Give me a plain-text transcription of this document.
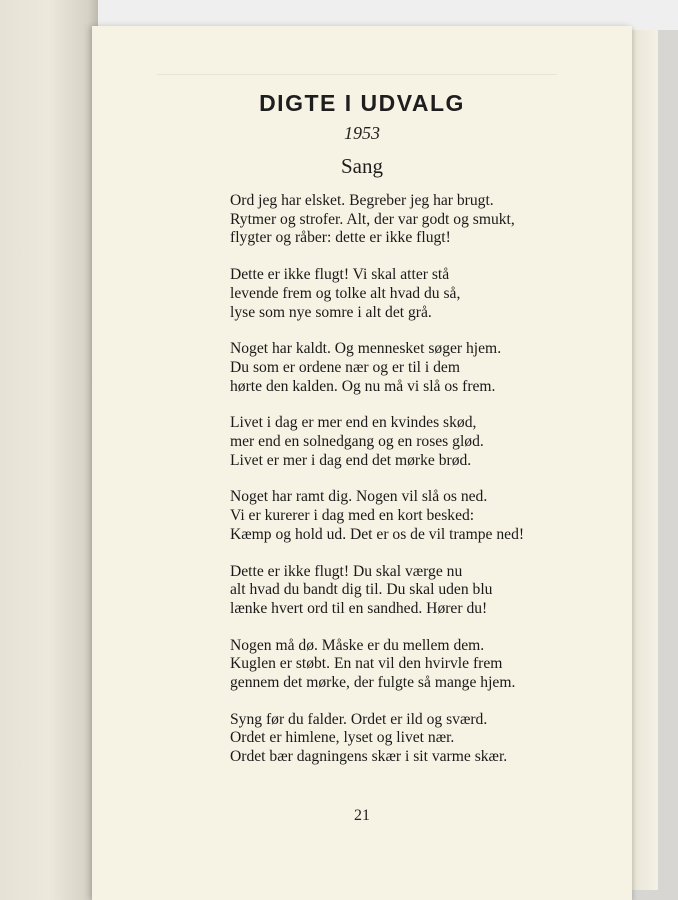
DIGTE I UDVALG
1953
Sang
Ord jeg har elsket. Begreber jeg har brugt.
Rytmer og strofer. Alt, der var godt og smukt,
flygter og råber: dette er ikke flugt!
Dette er ikke flugt! Vi skal atter stå
levende frem og tolke alt hvad du så,
lyse som nye somre i alt det grå.
Noget har kaldt. Og mennesket søger hjem.
Du som er ordene nær og er til i dem
hørte den kalden. Og nu må vi slå os frem.
Livet i dag er mer end en kvindes skød,
mer end en solnedgang og en roses glød.
Livet er mer i dag end det mørke brød.
Noget har ramt dig. Nogen vil slå os ned.
Vi er kurerer i dag med en kort besked:
Kæmp og hold ud. Det er os de vil trampe ned!
Dette er ikke flugt! Du skal værge nu
alt hvad du bandt dig til. Du skal uden blu
lænke hvert ord til en sandhed. Hører du!
Nogen må dø. Måske er du mellem dem.
Kuglen er støbt. En nat vil den hvirvle frem
gennem det mørke, der fulgte så mange hjem.
Syng før du falder. Ordet er ild og sværd.
Ordet er himlene, lyset og livet nær.
Ordet bær dagningens skær i sit varme skær.
21
